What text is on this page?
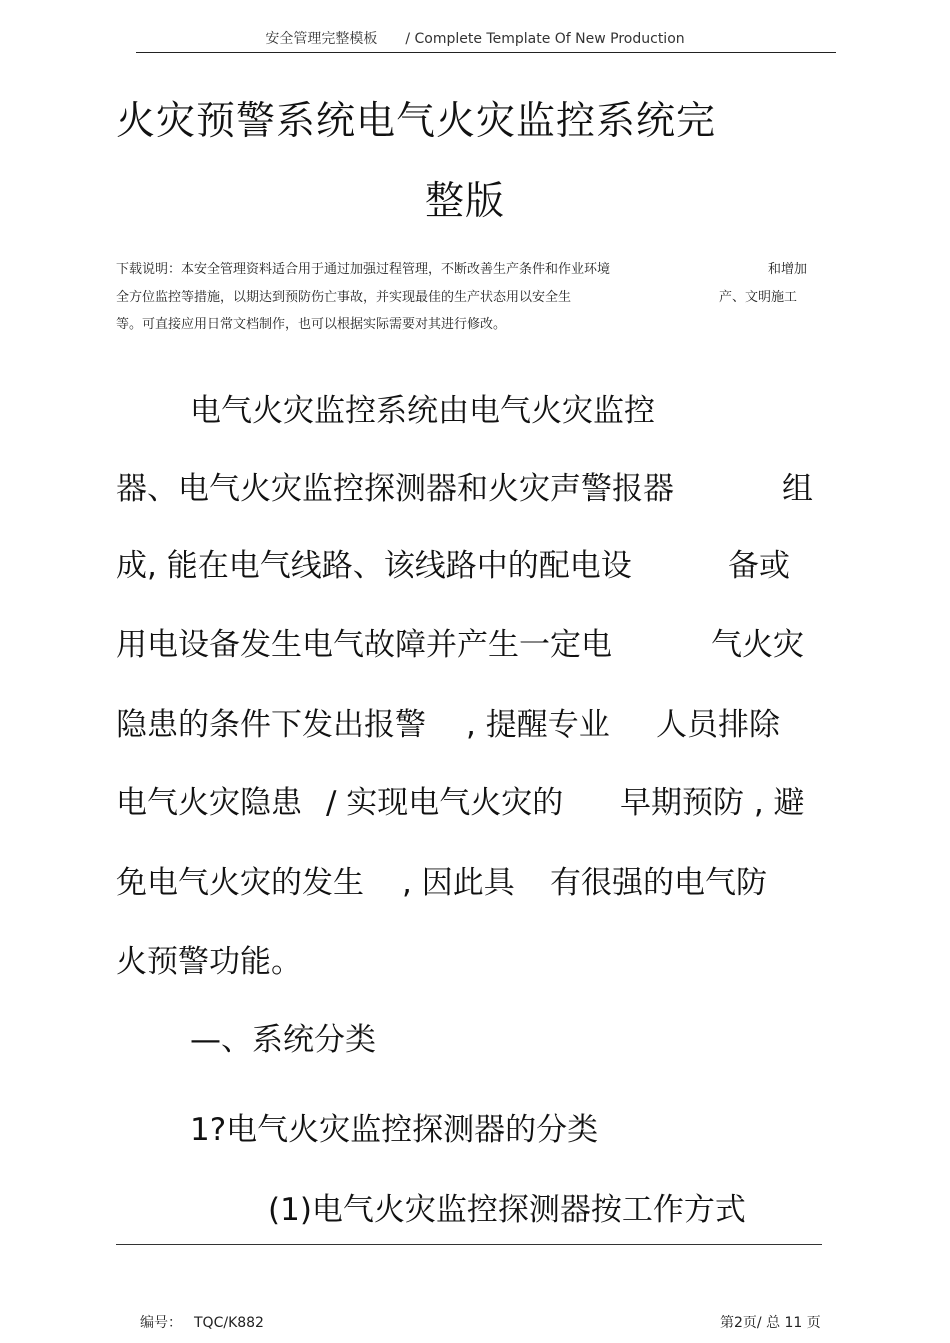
安全管理完整模板 / Complete Template Of New Production
火灾预警系统电气火灾监控系统完
整版
下载说明：本安全管理资料适合用于通过加强过程管理，不断改善生产条件和作业环境	和增加
全方位监控等措施，以期达到预防伤亡事故，并实现最佳的生产状态用以安全生	产、文明施工
等。可直接应用日常文档制作，也可以根据实际需要对其进行修改。
电气火灾监控系统由电气火灾监控
器、电气火灾监控探测器和火灾声警报器	组
成, 能在电气线路、该线路中的配电设	备或
用电设备发生电气故障并产生一定电	气火灾
隐患的条件下发出报警 , 提醒专业 人员排除
电气火灾隐患 / 实现电气火灾的 早期预防 , 避
免电气火灾的发生 , 因此具 有很强的电气防
火预警功能。
—、系统分类
1?电气火灾监控探测器的分类
(1)电气火灾监控探测器按工作方式
编号： TQC/K882	第2页/ 总 11 页
